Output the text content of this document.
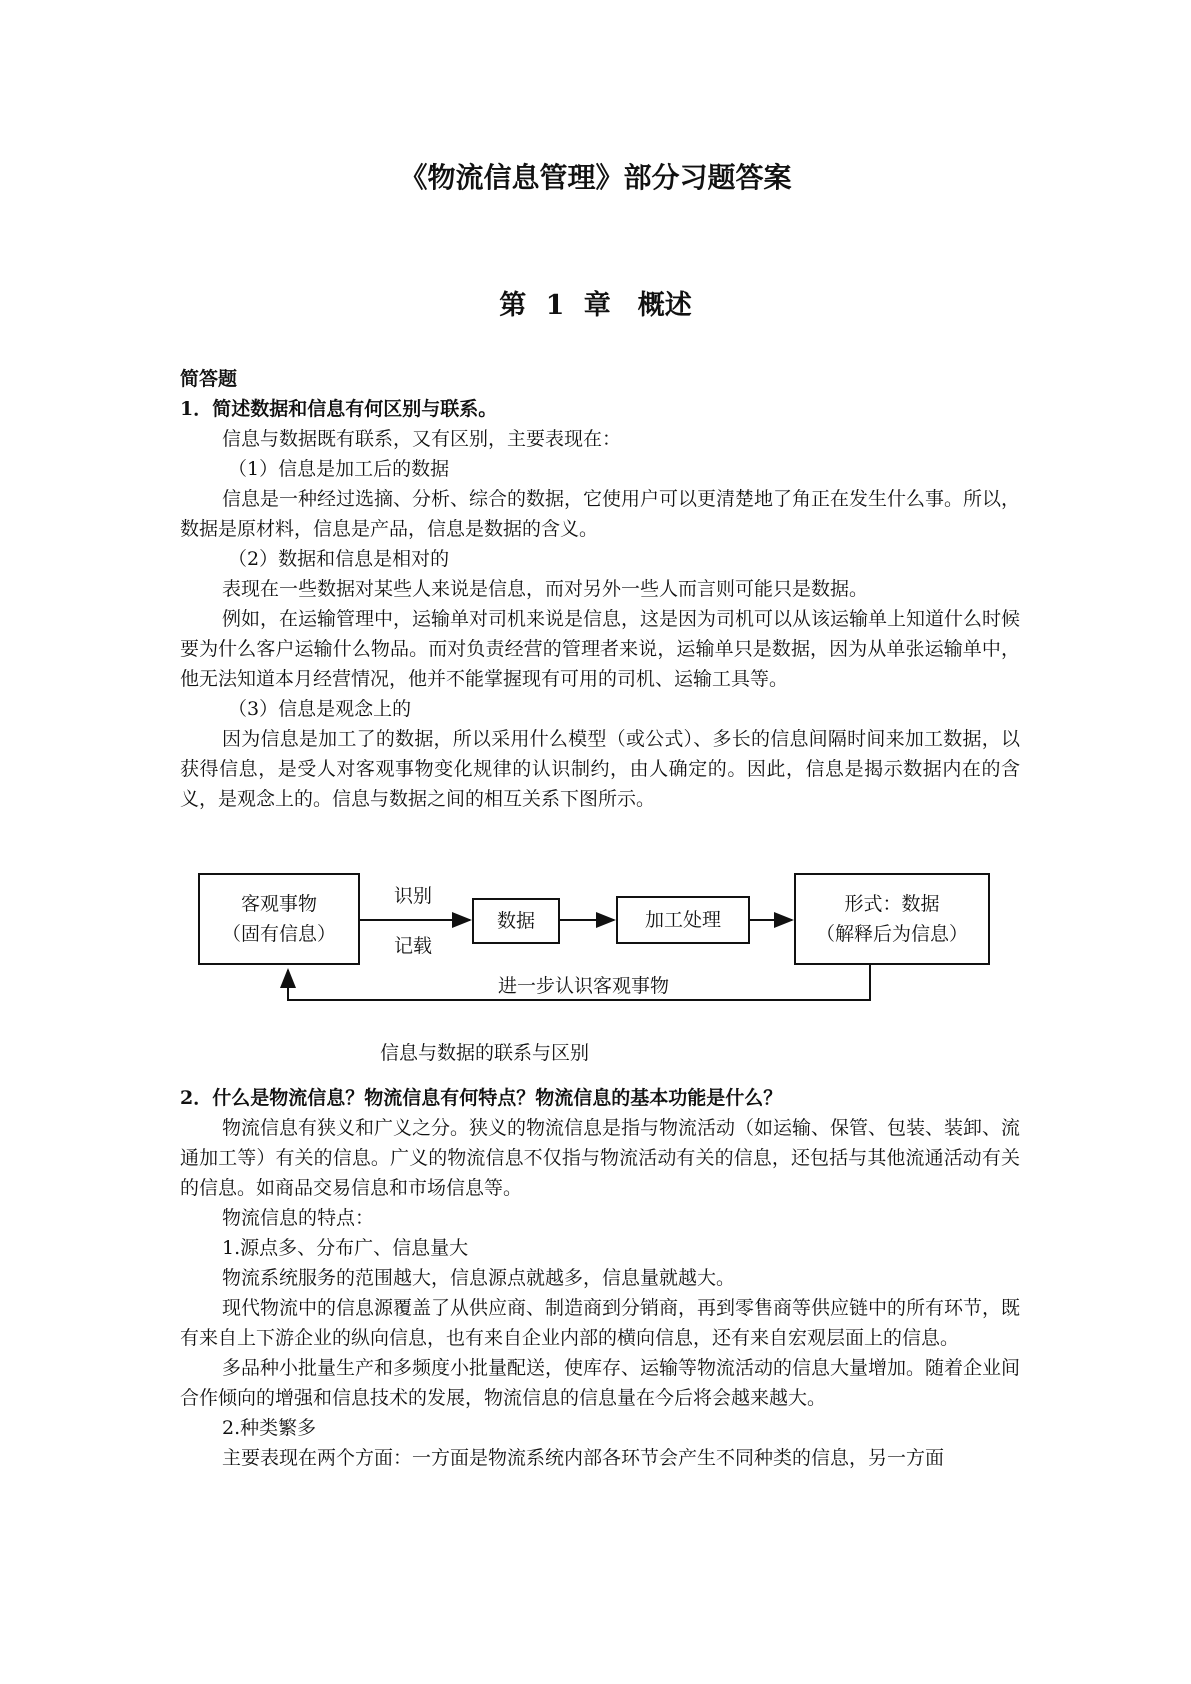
《物流信息管理》部分习题答案
第 1 章　概述

简答题

1．简述数据和信息有何区别与联系。

信息与数据既有联系，又有区别，主要表现在：

（1）信息是加工后的数据

信息是一种经过选摘、分析、综合的数据，它使用户可以更清楚地了角正在发生什么事。所以，数据是原材料，信息是产品，信息是数据的含义。

（2）数据和信息是相对的

表现在一些数据对某些人来说是信息，而对另外一些人而言则可能只是数据。

例如，在运输管理中，运输单对司机来说是信息，这是因为司机可以从该运输单上知道什么时候要为什么客户运输什么物品。而对负责经营的管理者来说，运输单只是数据，因为从单张运输单中，他无法知道本月经营情况，他并不能掌握现有可用的司机、运输工具等。

（3）信息是观念上的

因为信息是加工了的数据，所以采用什么模型（或公式）、多长的信息间隔时间来加工数据，以获得信息，是受人对客观事物变化规律的认识制约，由人确定的。因此，信息是揭示数据内在的含义，是观念上的。信息与数据之间的相互关系下图所示。

客观事物
（固有信息）
识别
记载
数据	加工处理
形式：数据
（解释后为信息）
进一步认识客观事物

信息与数据的联系与区别

2．什么是物流信息？物流信息有何特点？物流信息的基本功能是什么？

物流信息有狭义和广义之分。狭义的物流信息是指与物流活动（如运输、保管、包装、装卸、流通加工等）有关的信息。广义的物流信息不仅指与物流活动有关的信息，还包括与其他流通活动有关的信息。如商品交易信息和市场信息等。

物流信息的特点：

1.源点多、分布广、信息量大

物流系统服务的范围越大，信息源点就越多，信息量就越大。

现代物流中的信息源覆盖了从供应商、制造商到分销商，再到零售商等供应链中的所有环节，既有来自上下游企业的纵向信息，也有来自企业内部的横向信息，还有来自宏观层面上的信息。

多品种小批量生产和多频度小批量配送，使库存、运输等物流活动的信息大量增加。随着企业间合作倾向的增强和信息技术的发展，物流信息的信息量在今后将会越来越大。

2.种类繁多

主要表现在两个方面：一方面是物流系统内部各环节会产生不同种类的信息，另一方面
